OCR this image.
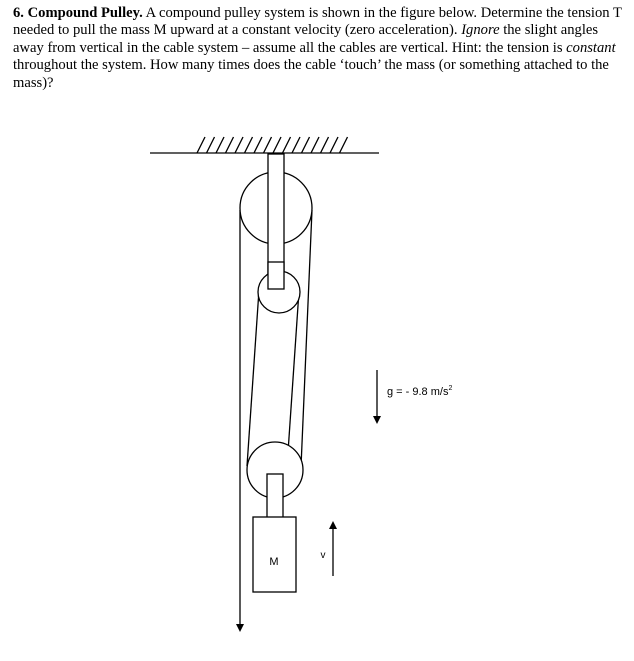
6. Compound Pulley. A compound pulley system is shown in the figure below. Determine the tension T needed to pull the mass M upward at a constant velocity (zero acceleration). Ignore the slight angles away from vertical in the cable system – assume all the cables are vertical. Hint: the tension is constant throughout the system. How many times does the cable ‘touch’ the mass (or something attached to the mass)?

M
v
g = - 9.8 $m/s^2$
